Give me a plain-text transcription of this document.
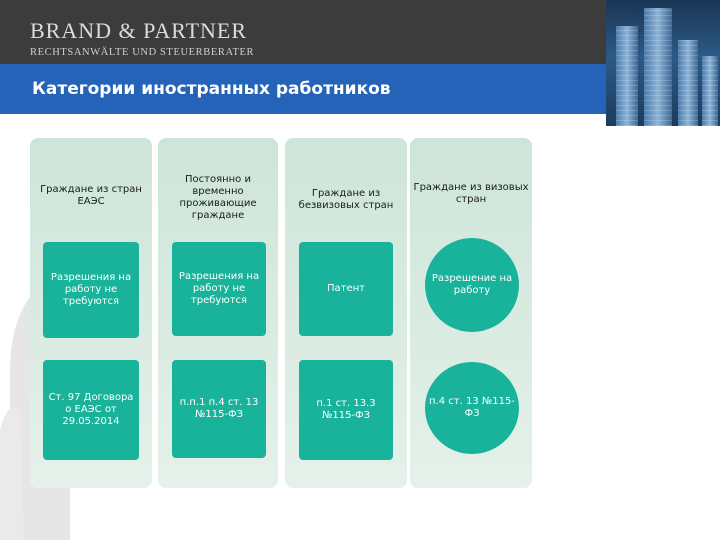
BRAND & PARTNER
RECHTSANWÄLTE UND STEUERBERATER
Категории иностранных работников
Граждане из стран ЕАЭС
Разрешения на работу не требуются
Ст. 97 Договора о ЕАЭС от 29.05.2014
Постоянно и временно проживающие граждане
Разрешения на работу не требуются
п.п.1 п.4 ст. 13 №115-ФЗ
Граждане из безвизовых стран
Патент
п.1 ст. 13.3 №115-ФЗ
Граждане из визовых стран
Разрешение на работу
п.4 ст. 13 №115-ФЗ
